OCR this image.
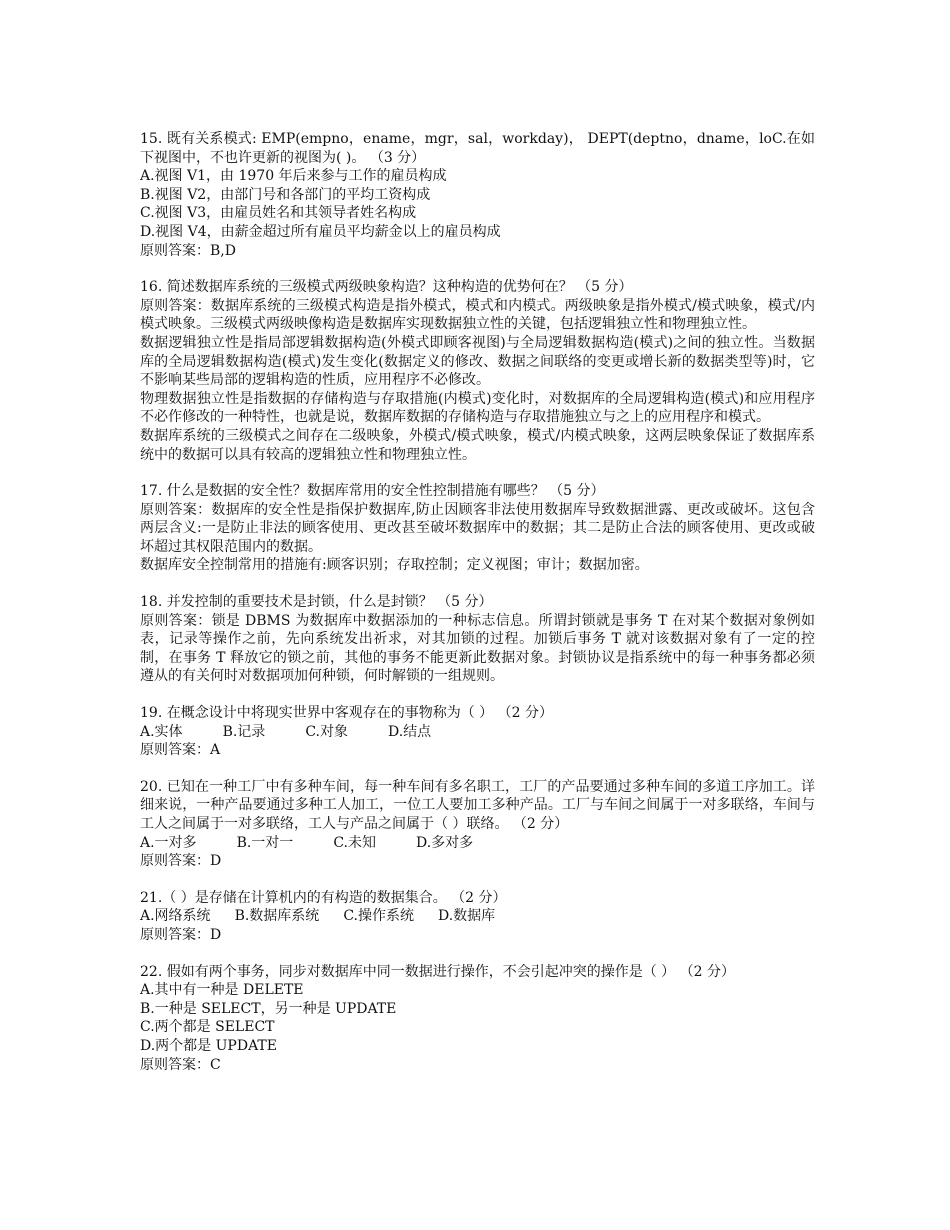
15. 既有关系模式: EMP(empno，ename，mgr，sal，workday)， DEPT(deptno，dname，loC.在如下视图中，不也许更新的视图为( )。 （3 分）
A.视图 V1，由 1970 年后来参与工作的雇员构成
B.视图 V2，由部门号和各部门的平均工资构成
C.视图 V3，由雇员姓名和其领导者姓名构成
D.视图 V4，由薪金超过所有雇员平均薪金以上的雇员构成
原则答案：B,D
16. 简述数据库系统的三级模式两级映象构造？这种构造的优势何在？ （5 分）
原则答案：数据库系统的三级模式构造是指外模式，模式和内模式。两级映象是指外模式/模式映象，模式/内模式映象。三级模式两级映像构造是数据库实现数据独立性的关键，包括逻辑独立性和物理独立性。
数据逻辑独立性是指局部逻辑数据构造(外模式即顾客视图)与全局逻辑数据构造(模式)之间的独立性。当数据库的全局逻辑数据构造(模式)发生变化(数据定义的修改、数据之间联络的变更或增长新的数据类型等)时，它不影响某些局部的逻辑构造的性质，应用程序不必修改。
物理数据独立性是指数据的存储构造与存取措施(内模式)变化时，对数据库的全局逻辑构造(模式)和应用程序不必作修改的一种特性，也就是说，数据库数据的存储构造与存取措施独立与之上的应用程序和模式。
数据库系统的三级模式之间存在二级映象，外模式/模式映象，模式/内模式映象，这两层映象保证了数据库系统中的数据可以具有较高的逻辑独立性和物理独立性。
17. 什么是数据的安全性？数据库常用的安全性控制措施有哪些？ （5 分）
原则答案：数据库的安全性是指保护数据库,防止因顾客非法使用数据库导致数据泄露、更改或破坏。这包含两层含义:一是防止非法的顾客使用、更改甚至破坏数据库中的数据；其二是防止合法的顾客使用、更改或破坏超过其权限范围内的数据。
数据库安全控制常用的措施有:顾客识别；存取控制；定义视图；审计；数据加密。
18. 并发控制的重要技术是封锁，什么是封锁？ （5 分）
原则答案：锁是 DBMS 为数据库中数据添加的一种标志信息。所谓封锁就是事务 T 在对某个数据对象例如表，记录等操作之前，先向系统发出祈求，对其加锁的过程。加锁后事务 T 就对该数据对象有了一定的控制，在事务 T 释放它的锁之前，其他的事务不能更新此数据对象。封锁协议是指系统中的每一种事务都必须遵从的有关何时对数据项加何种锁，何时解锁的一组规则。
19. 在概念设计中将现实世界中客观存在的事物称为（ ） （2 分）
A.实体	B.记录	C.对象	D.结点
原则答案：A
20. 已知在一种工厂中有多种车间，每一种车间有多名职工，工厂的产品要通过多种车间的多道工序加工。详细来说，一种产品要通过多种工人加工，一位工人要加工多种产品。工厂与车间之间属于一对多联络，车间与工人之间属于一对多联络，工人与产品之间属于（ ）联络。 （2 分）
A.一对多	B.一对一	C.未知	D.多对多
原则答案：D
21.（ ）是存储在计算机内的有构造的数据集合。 （2 分）
A.网络系统 B.数据库系统 C.操作系统 D.数据库
原则答案：D
22. 假如有两个事务，同步对数据库中同一数据进行操作，不会引起冲突的操作是（ ） （2 分）
A.其中有一种是 DELETE
B.一种是 SELECT，另一种是 UPDATE
C.两个都是 SELECT
D.两个都是 UPDATE
原则答案：C
